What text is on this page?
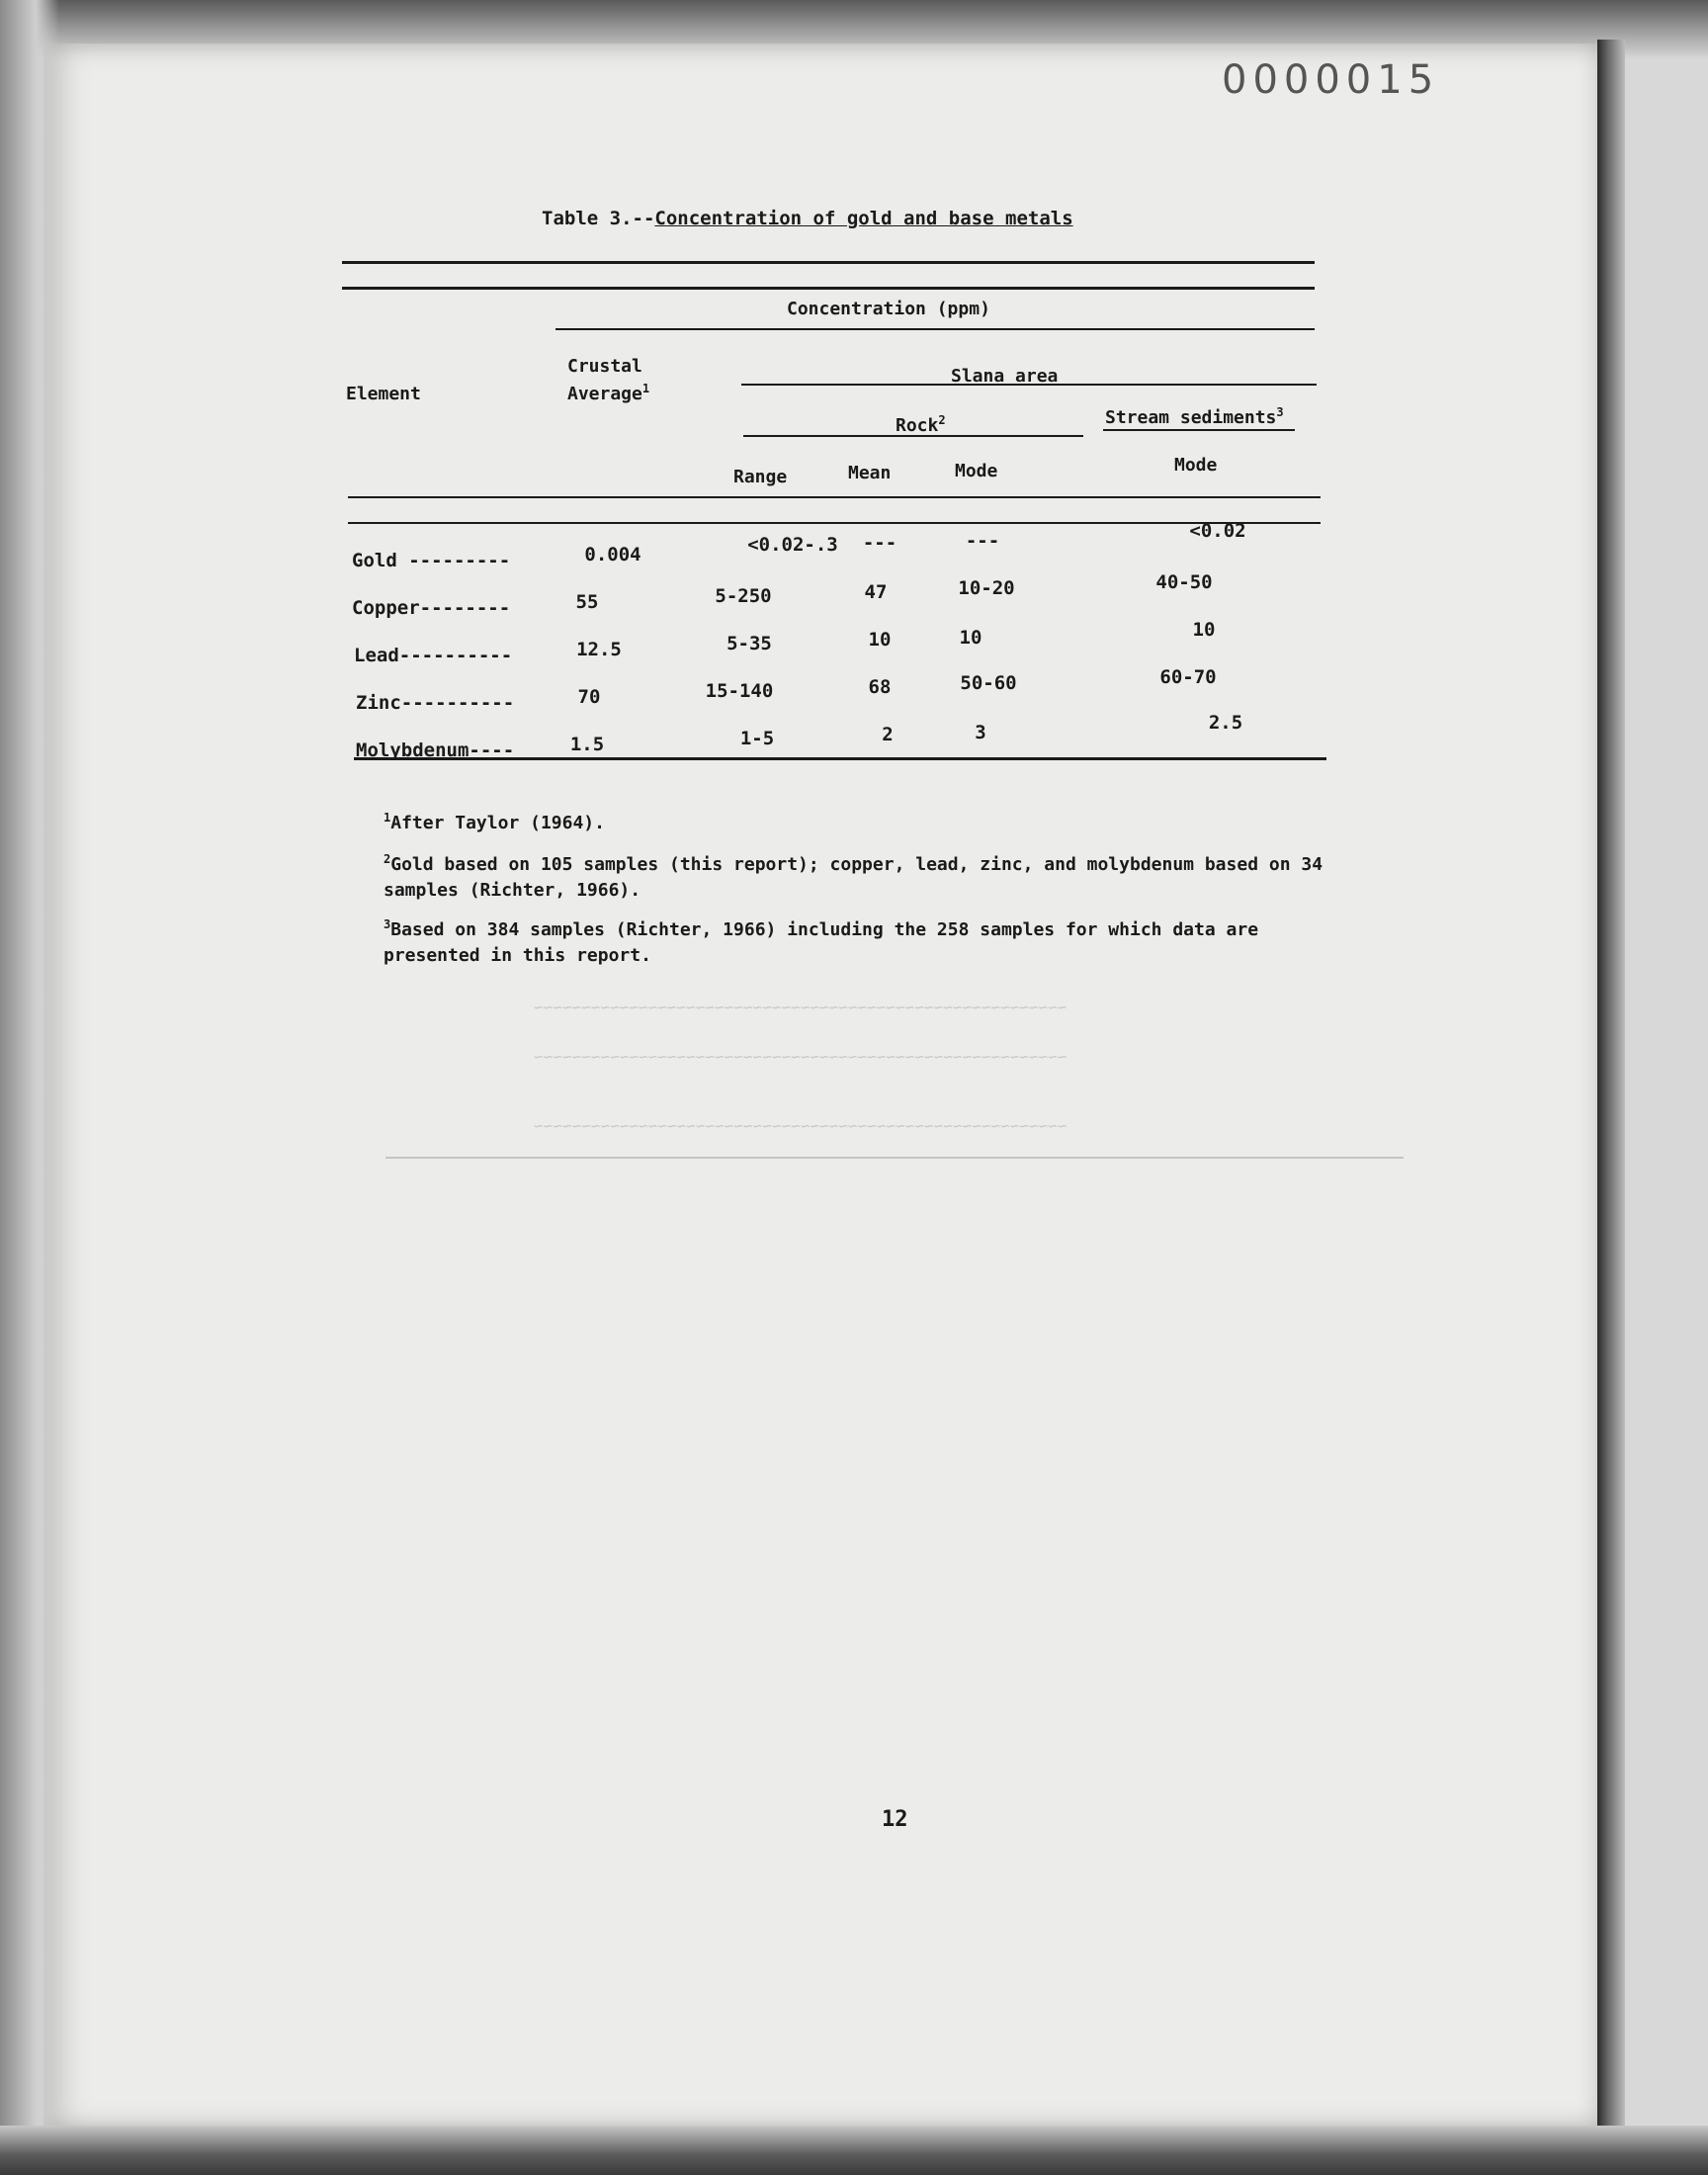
0000015
Table 3.--Concentration of gold and base metals
Concentration (ppm)
Element
Crustal
Average$^1$
Slana area
Rock$^2$	Stream sediments$^3$
Range	Mean	Mode	Mode
Gold ---------	0.004	<0.02-.3	---	---	<0.02
Copper--------	55	5-250	47	10-20	40-50
Lead----------	12.5	5-35	10	10	10
Zinc----------	70	15-140	68	50-60	60-70
Molybdenum----	1.5	1-5	2	3	2.5
$^1$After Taylor (1964).
$^2$Gold based on 105 samples (this report); copper, lead, zinc, and molybdenum based on 34 samples (Richter, 1966).
$^3$Based on 384 samples (Richter, 1966) including the 258 samples for which data are presented in this report.
~~~~~~~~~~~~~~~~~~~~~~~~~~~~~~~~~~~~~~~~~~~~~~~~~~~~~~~~
~~~~~~~~~~~~~~~~~~~~~~~~~~~~~~~~~~~~~~~~~~~~~~~~~~~~~~~~
~~~~~~~~~~~~~~~~~~~~~~~~~~~~~~~~~~~~~~~~~~~~~~~~~~~~~~~~
12
